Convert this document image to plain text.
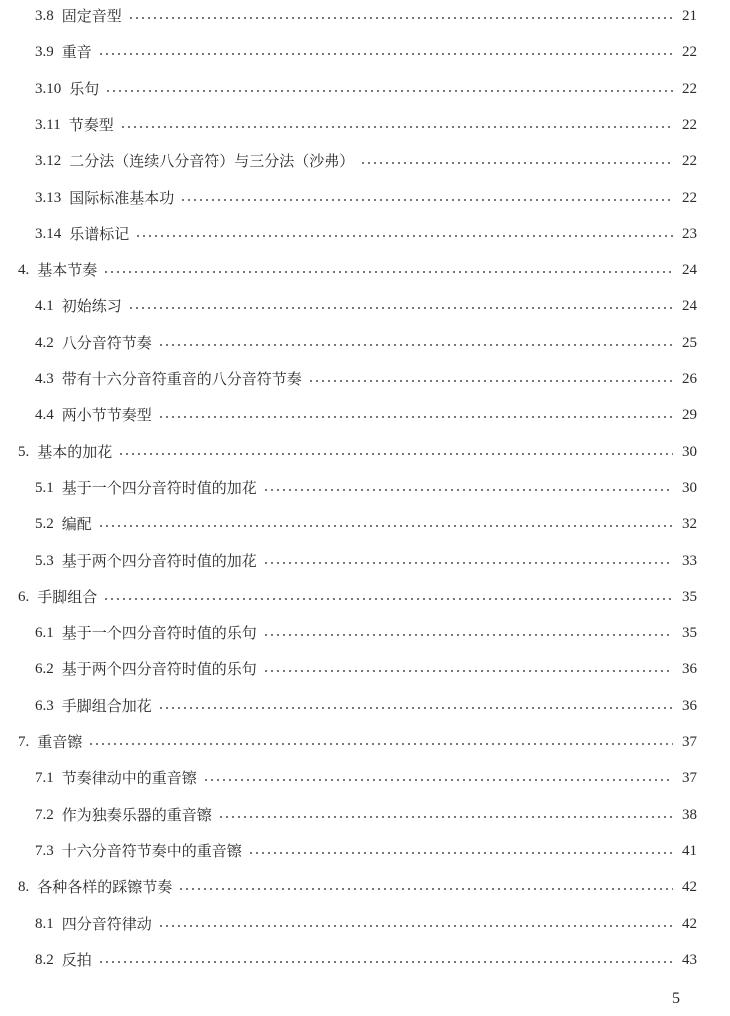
3.8 固定音型	21
3.9 重音	22
3.10 乐句	22
3.11 节奏型	22
3.12 二分法（连续八分音符）与三分法（沙弗）	22
3.13 国际标准基本功	22
3.14 乐谱标记	23
4. 基本节奏	24
4.1 初始练习	24
4.2 八分音符节奏	25
4.3 带有十六分音符重音的八分音符节奏	26
4.4 两小节节奏型	29
5. 基本的加花	30
5.1 基于一个四分音符时值的加花	30
5.2 编配	32
5.3 基于两个四分音符时值的加花	33
6. 手脚组合	35
6.1 基于一个四分音符时值的乐句	35
6.2 基于两个四分音符时值的乐句	36
6.3 手脚组合加花	36
7. 重音镲	37
7.1 节奏律动中的重音镲	37
7.2 作为独奏乐器的重音镲	38
7.3 十六分音符节奏中的重音镲	41
8. 各种各样的踩镲节奏	42
8.1 四分音符律动	42
8.2 反拍	43
5
